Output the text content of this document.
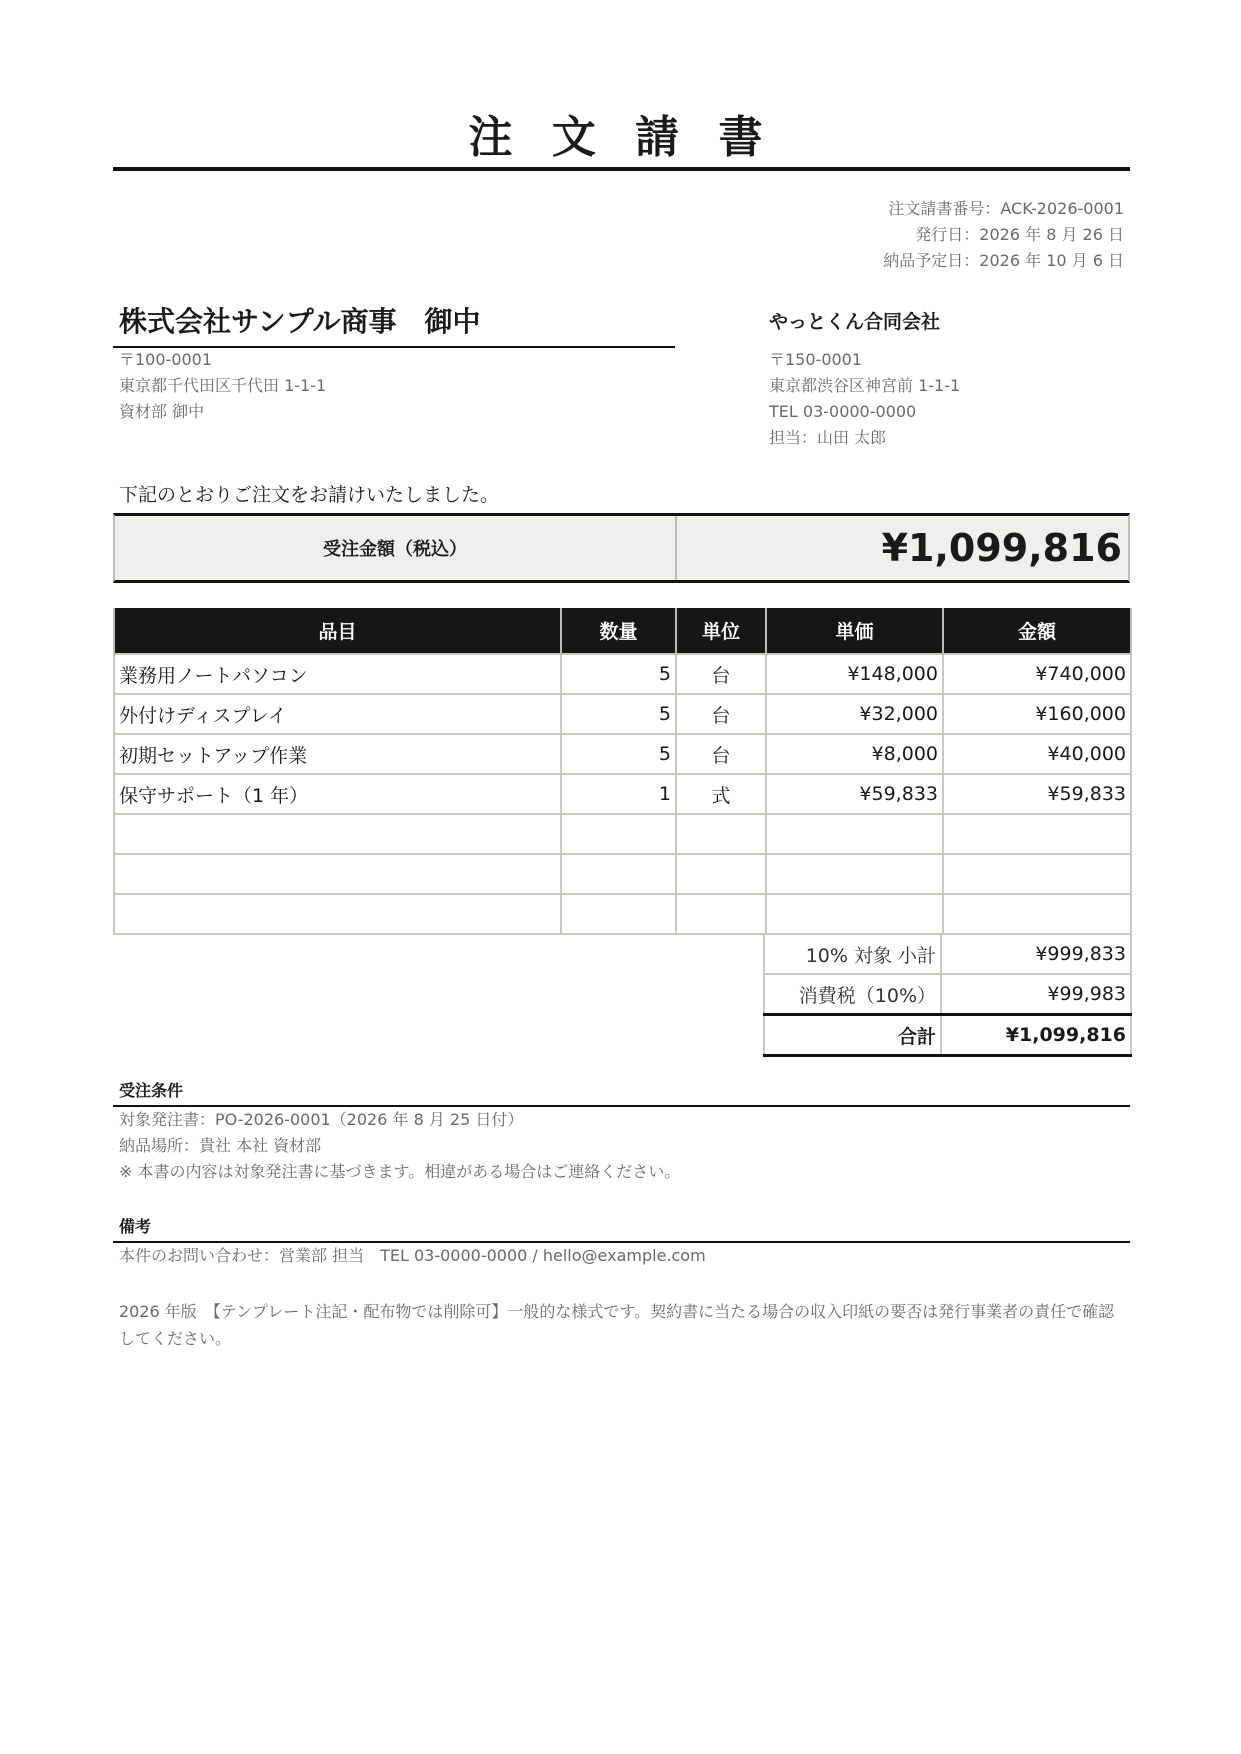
注 文 請 書
注文請書番号：ACK-2026-0001
発行日：2026 年 8 月 26 日
納品予定日：2026 年 10 月 6 日
株式会社サンプル商事　御中
〒100-0001
東京都千代田区千代田 1-1-1
資材部 御中
やっとくん合同会社
〒150-0001
東京都渋谷区神宮前 1-1-1
TEL 03-0000-0000
担当：山田 太郎
下記のとおりご注文をお請けいたしました。
受注金額（税込）	¥1,099,816
品目	数量	単位	単価	金額
業務用ノートパソコン	5	台	¥148,000	¥740,000
外付けディスプレイ	5	台	¥32,000	¥160,000
初期セットアップ作業	5	台	¥8,000	¥40,000
保守サポート（1 年）	1	式	¥59,833	¥59,833

10% 対象 小計	¥999,833
消費税（10%）	¥99,983
合計	¥1,099,816
受注条件
対象発注書：PO-2026-0001（2026 年 8 月 25 日付）
納品場所：貴社 本社 資材部
※ 本書の内容は対象発注書に基づきます。相違がある場合はご連絡ください。
備考
本件のお問い合わせ：営業部 担当　TEL 03-0000-0000 / hello@example.com
2026 年版　【テンプレート注記・配布物では削除可】一般的な様式です。契約書に当たる場合の収入印紙の要否は発行事業者の責任で確認してください。
